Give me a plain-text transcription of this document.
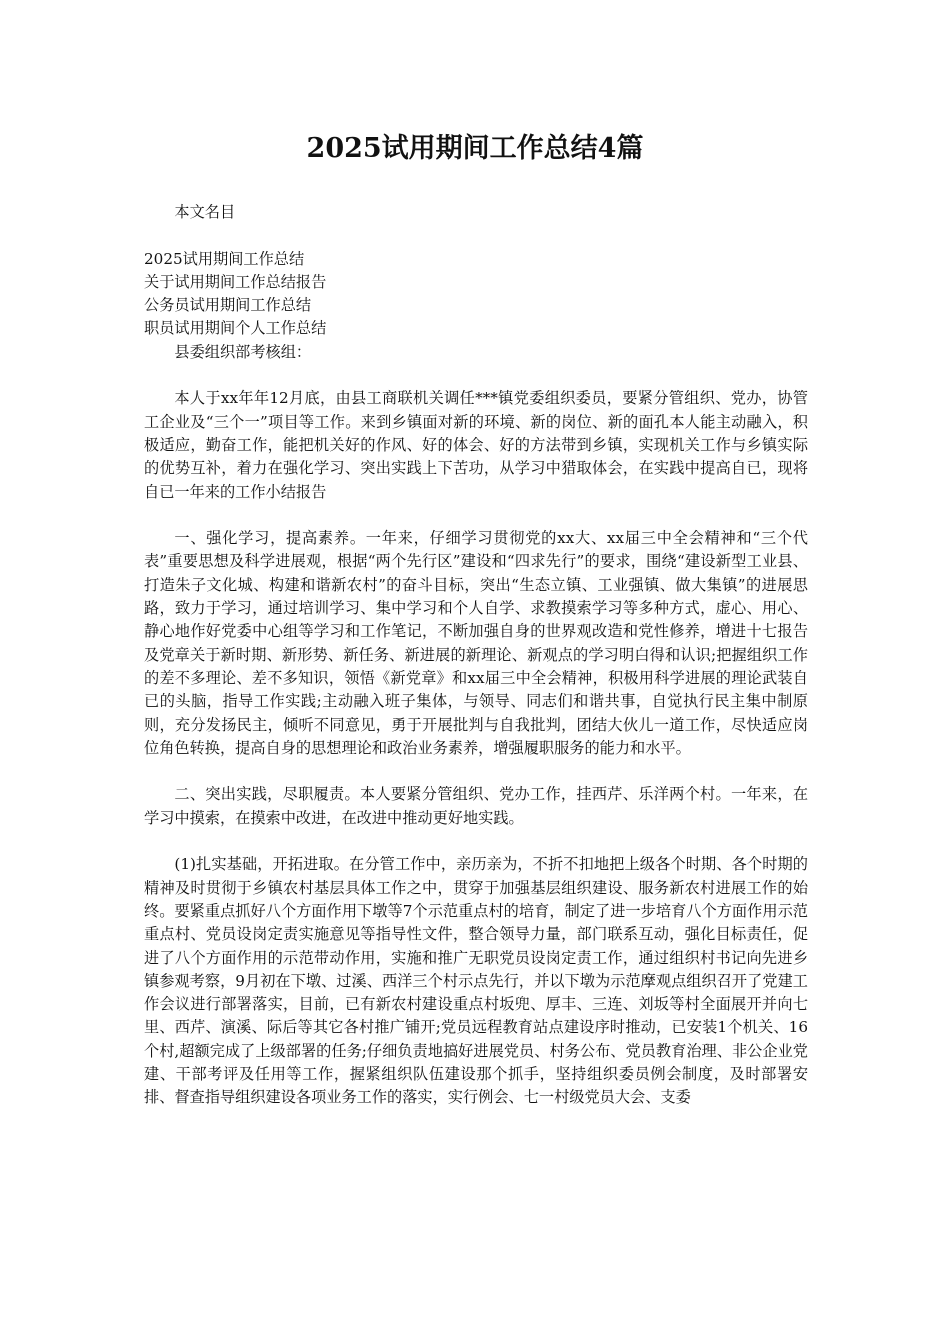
2025试用期间工作总结4篇

本文名目

2025试用期间工作总结
关于试用期间工作总结报告
公务员试用期间工作总结
职员试用期间个人工作总结

县委组织部考核组：

本人于xx年年12月底，由县工商联机关调任***镇党委组织委员，要紧分管组织、党办，协管工企业及“三个一”项目等工作。来到乡镇面对新的环境、新的岗位、新的面孔本人能主动融入，积极适应，勤奋工作，能把机关好的作风、好的体会、好的方法带到乡镇，实现机关工作与乡镇实际的优势互补，着力在强化学习、突出实践上下苦功，从学习中猎取体会，在实践中提高自已，现将自已一年来的工作小结报告

一、强化学习，提高素养。一年来，仔细学习贯彻党的xx大、xx届三中全会精神和“三个代表”重要思想及科学进展观，根据“两个先行区”建设和“四求先行”的要求，围绕“建设新型工业县、打造朱子文化城、构建和谐新农村”的奋斗目标，突出“生态立镇、工业强镇、做大集镇”的进展思路，致力于学习，通过培训学习、集中学习和个人自学、求教摸索学习等多种方式，虚心、用心、静心地作好党委中心组等学习和工作笔记，不断加强自身的世界观改造和党性修养，增进十七报告及党章关于新时期、新形势、新任务、新进展的新理论、新观点的学习明白得和认识;把握组织工作的差不多理论、差不多知识，领悟《新党章》和xx届三中全会精神，积极用科学进展的理论武装自已的头脑，指导工作实践;主动融入班子集体，与领导、同志们和谐共事，自觉执行民主集中制原则，充分发扬民主，倾听不同意见，勇于开展批判与自我批判，团结大伙儿一道工作，尽快适应岗位角色转换，提高自身的思想理论和政治业务素养，增强履职服务的能力和水平。

二、突出实践，尽职履责。本人要紧分管组织、党办工作，挂西芹、乐洋两个村。一年来，在学习中摸索，在摸索中改进，在改进中推动更好地实践。

(1)扎实基础，开拓进取。在分管工作中，亲历亲为，不折不扣地把上级各个时期、各个时期的精神及时贯彻于乡镇农村基层具体工作之中，贯穿于加强基层组织建设、服务新农村进展工作的始终。要紧重点抓好八个方面作用下墩等7个示范重点村的培育，制定了进一步培育八个方面作用示范重点村、党员设岗定责实施意见等指导性文件，整合领导力量，部门联系互动，强化目标责任，促进了八个方面作用的示范带动作用，实施和推广无职党员设岗定责工作，通过组织村书记向先进乡镇参观考察，9月初在下墩、过溪、西洋三个村示点先行，并以下墩为示范摩观点组织召开了党建工作会议进行部署落实，目前，已有新农村建设重点村坂兜、厚丰、三连、刘坂等村全面展开并向七里、西芹、演溪、际后等其它各村推广铺开;党员远程教育站点建设序时推动，已安装1个机关、16个村,超额完成了上级部署的任务;仔细负责地搞好进展党员、村务公布、党员教育治理、非公企业党建、干部考评及任用等工作，握紧组织队伍建设那个抓手，坚持组织委员例会制度，及时部署安排、督查指导组织建设各项业务工作的落实，实行例会、七一村级党员大会、支委
